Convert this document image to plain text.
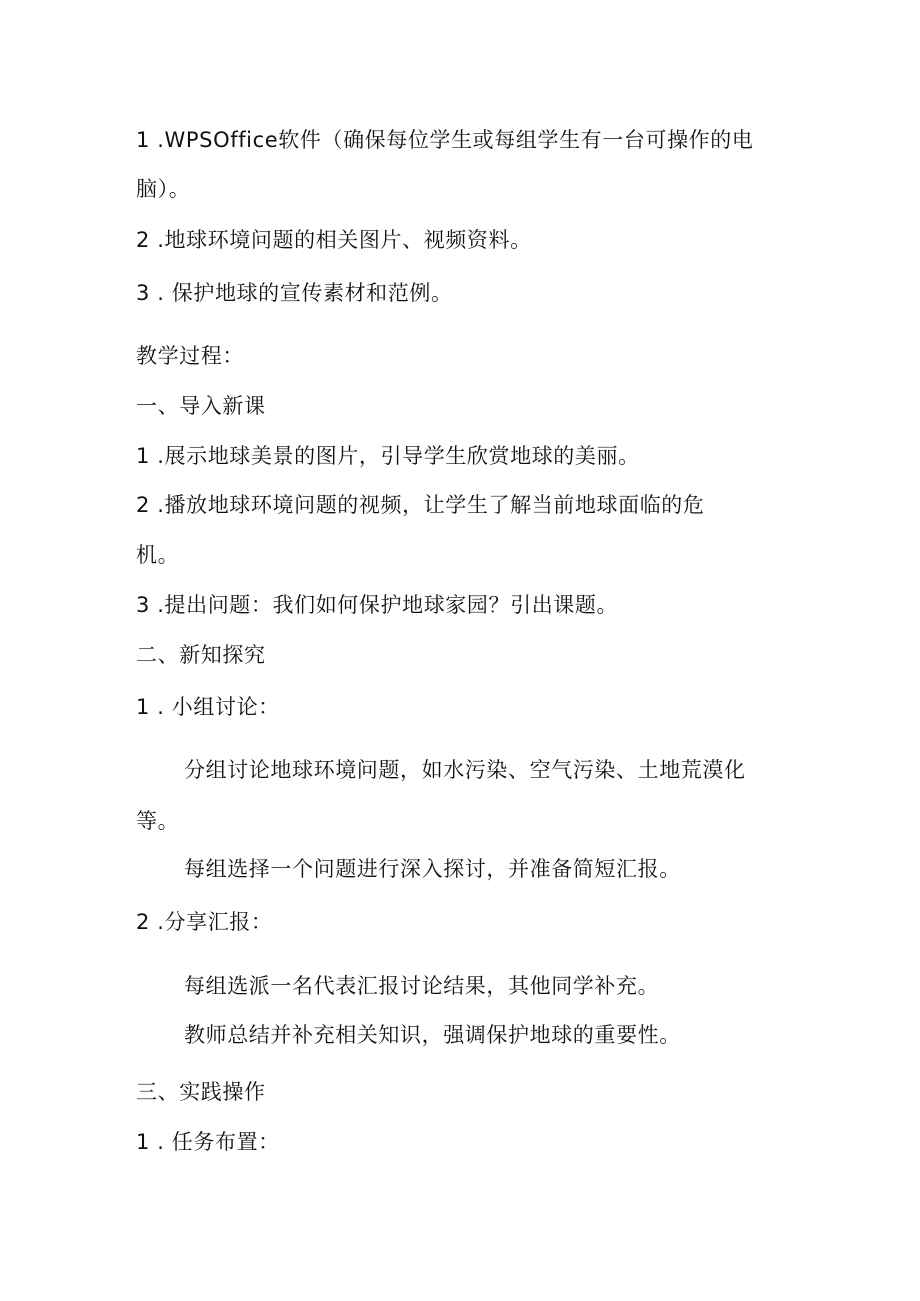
1 .WPSOffice软件（确保每位学生或每组学生有一台可操作的电
脑）。
2 .地球环境问题的相关图片、视频资料。
3 . 保护地球的宣传素材和范例。
教学过程：
一、导入新课
1 .展示地球美景的图片，引导学生欣赏地球的美丽。
2 .播放地球环境问题的视频，让学生了解当前地球面临的危
机。
3 .提出问题：我们如何保护地球家园？引出课题。
二、新知探究
1 . 小组讨论：
分组讨论地球环境问题，如水污染、空气污染、土地荒漠化
等。
每组选择一个问题进行深入探讨，并准备简短汇报。
2 .分享汇报：
每组选派一名代表汇报讨论结果，其他同学补充。
教师总结并补充相关知识，强调保护地球的重要性。
三、实践操作
1 . 任务布置：
